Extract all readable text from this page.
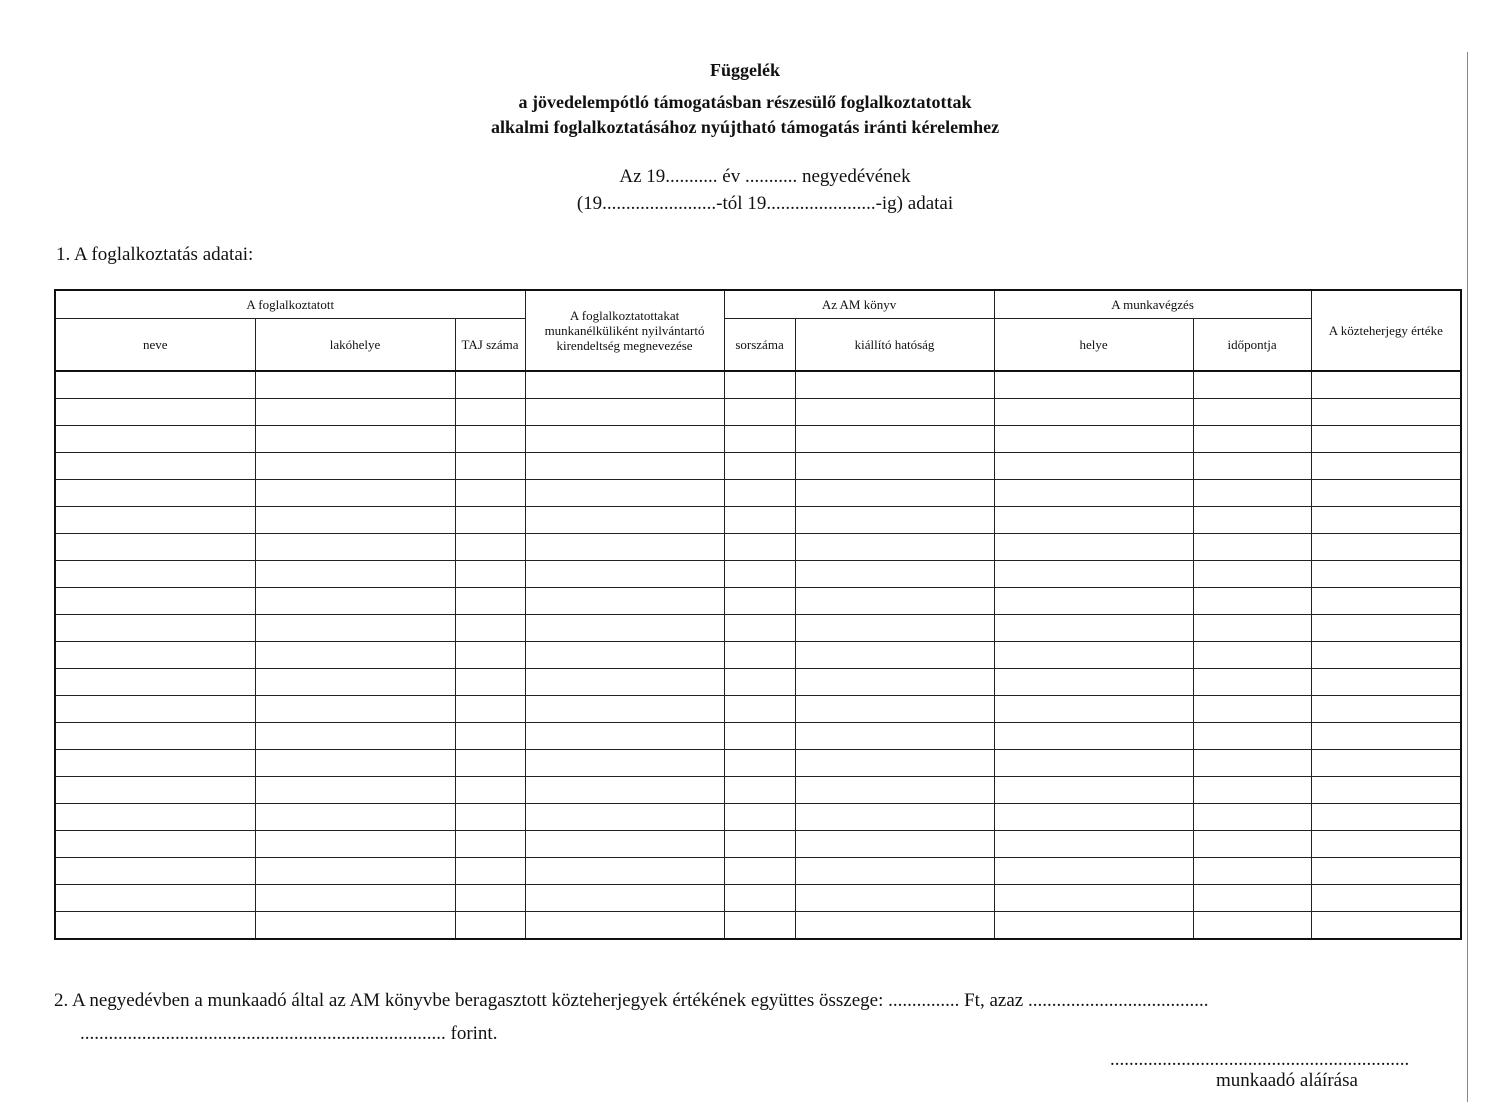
Függelék
a jövedelempótló támogatásban részesülő foglalkoztatottak
alkalmi foglalkoztatásához nyújtható támogatás iránti kérelemhez
Az 19........... év ........... negyedévének
(19........................-tól 19.......................-ig) adatai
1. A foglalkoztatás adatai:
A foglalkoztatott			A foglalkoztatottakat munkanélküliként nyilvántartó kirendeltség megnevezése	Az AM könyv		A munkavégzés		A közteherjegy értéke
neve	lakóhelye	TAJ száma		sorszáma	kiállító hatóság	helye	időpontja	

2. A negyedévben a munkaadó által az AM könyvbe beragasztott közteherjegyek értékének együttes összege: ............... Ft, azaz ......................................
............................................................................. forint.
...............................................................
munkaadó aláírása
